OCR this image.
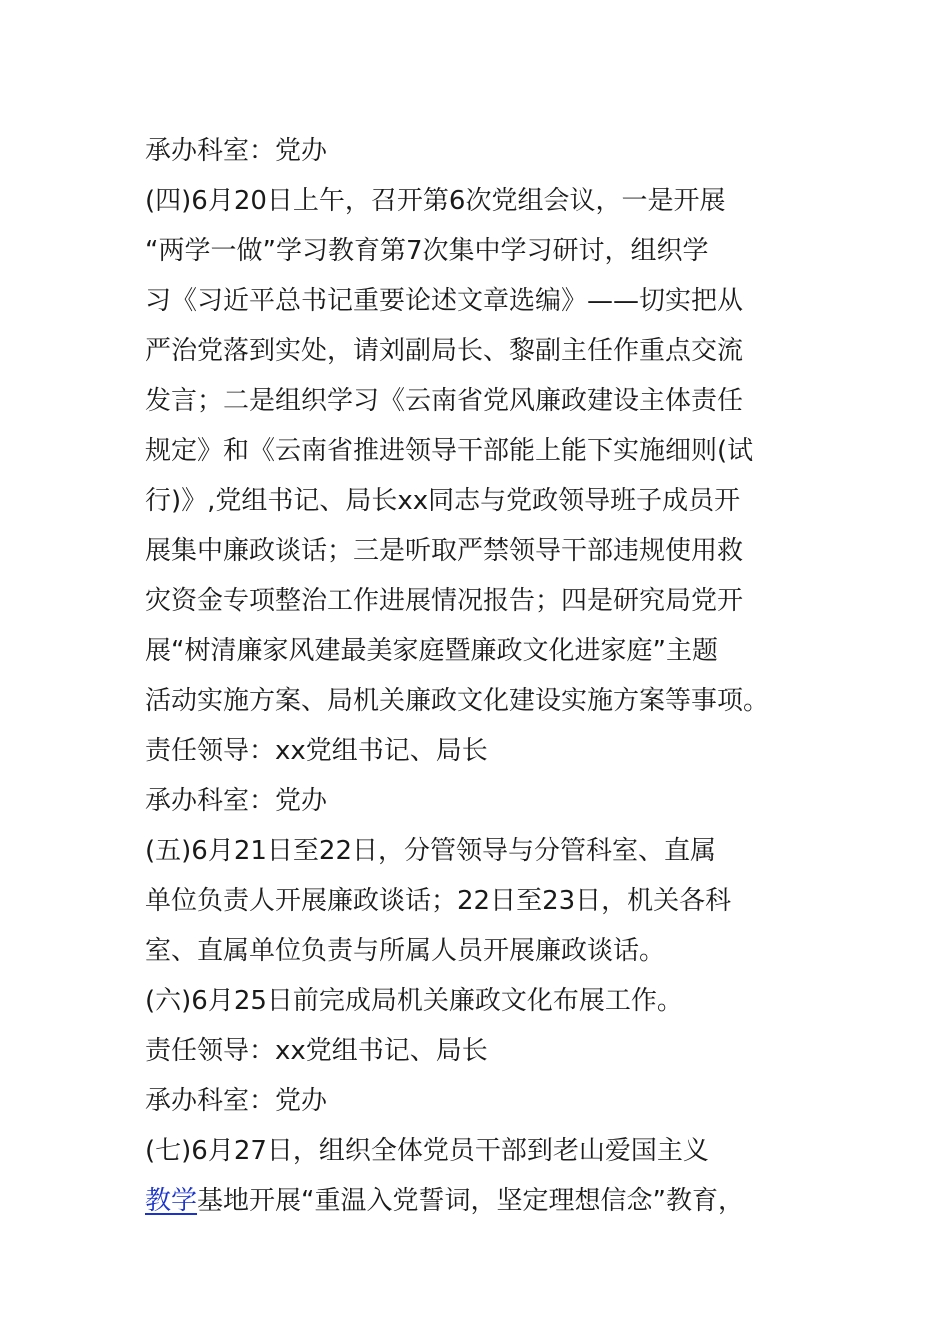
承办科室：党办
(四)6月20日上午，召开第6次党组会议，一是开展
“两学一做”学习教育第7次集中学习研讨，组织学
习《习近平总书记重要论述文章选编》——切实把从
严治党落到实处，请刘副局长、黎副主任作重点交流
发言；二是组织学习《云南省党风廉政建设主体责任
规定》和《云南省推进领导干部能上能下实施细则(试
行)》,党组书记、局长xx同志与党政领导班子成员开
展集中廉政谈话；三是听取严禁领导干部违规使用救
灾资金专项整治工作进展情况报告；四是研究局党开
展“树清廉家风建最美家庭暨廉政文化进家庭”主题
活动实施方案、局机关廉政文化建设实施方案等事项。
责任领导：xx党组书记、局长
承办科室：党办
(五)6月21日至22日，分管领导与分管科室、直属
单位负责人开展廉政谈话；22日至23日，机关各科
室、直属单位负责与所属人员开展廉政谈话。
(六)6月25日前完成局机关廉政文化布展工作。
责任领导：xx党组书记、局长
承办科室：党办
(七)6月27日，组织全体党员干部到老山爱国主义
教学基地开展“重温入党誓词，坚定理想信念”教育，
